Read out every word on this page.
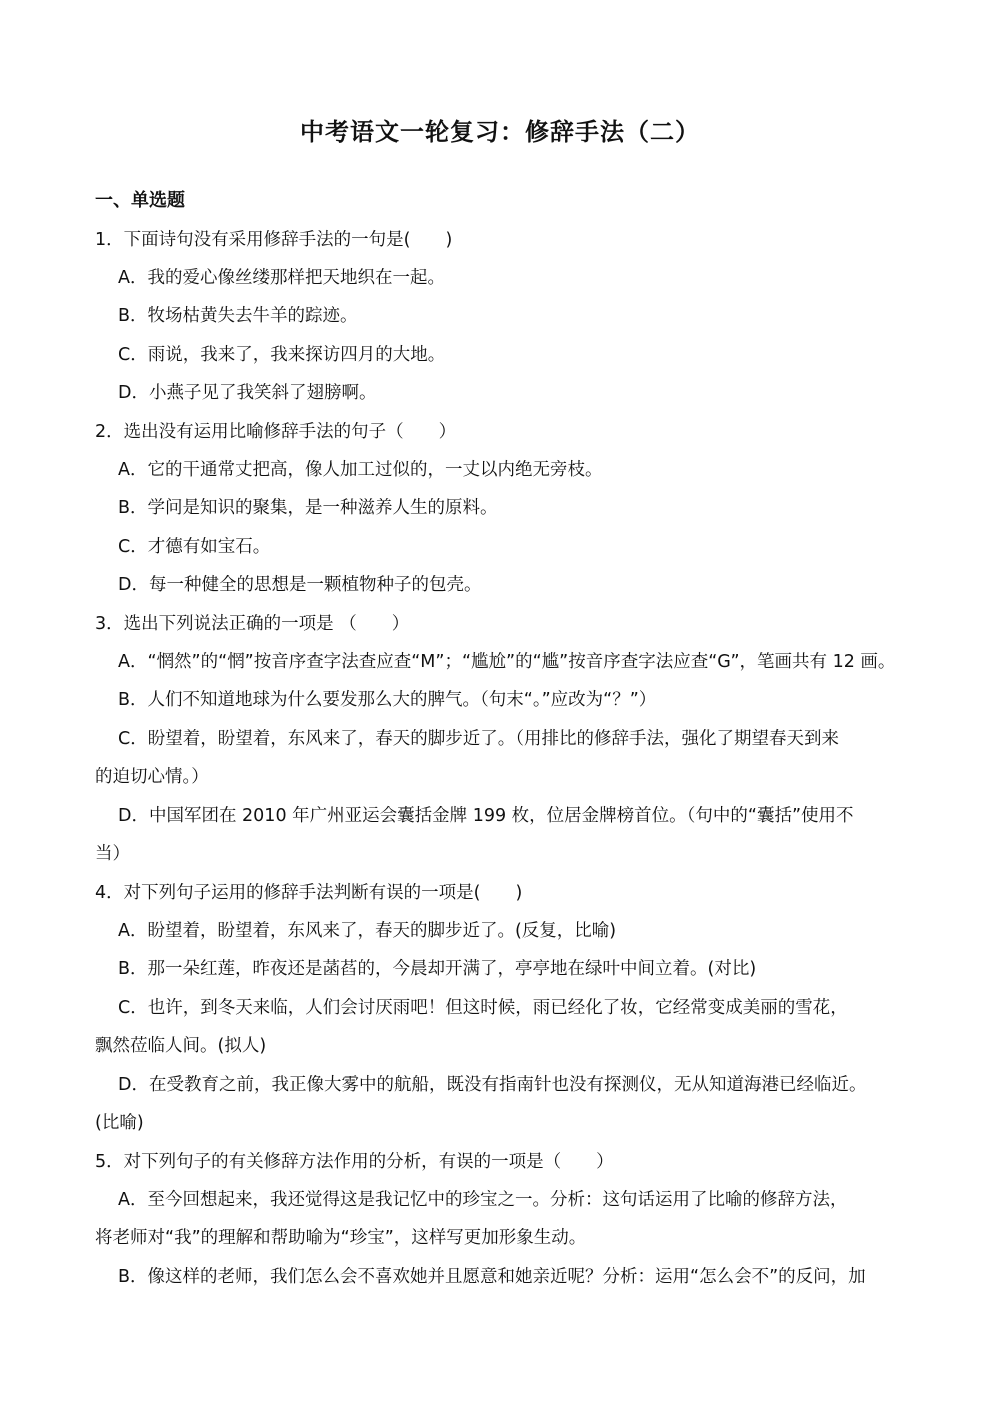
中考语文一轮复习：修辞手法（二）
一、单选题
1．下面诗句没有采用修辞手法的一句是(　　)
A．我的爱心像丝缕那样把天地织在一起。
B．牧场枯黄失去牛羊的踪迹。
C．雨说，我来了，我来探访四月的大地。
D．小燕子见了我笑斜了翅膀啊。
2．选出没有运用比喻修辞手法的句子（　　）
A．它的干通常丈把高，像人加工过似的，一丈以内绝无旁枝。
B．学问是知识的聚集，是一种滋养人生的原料。
C．才德有如宝石。
D．每一种健全的思想是一颗植物种子的包壳。
3．选出下列说法正确的一项是 （　　）
A．“惘然”的“惘”按音序查字法查应查“M”；“尴尬”的“尴”按音序查字法应查“G”，笔画共有 12 画。
B．人们不知道地球为什么要发那么大的脾气。（句末“。”应改为“？”）
C．盼望着，盼望着，东风来了，春天的脚步近了。（用排比的修辞手法，强化了期望春天到来
的迫切心情。）
D．中国军团在 2010 年广州亚运会囊括金牌 199 枚，位居金牌榜首位。（句中的“囊括”使用不
当）
4．对下列句子运用的修辞手法判断有误的一项是(　　)
A．盼望着，盼望着，东风来了，春天的脚步近了。(反复，比喻)
B．那一朵红莲，昨夜还是菡萏的，今晨却开满了，亭亭地在绿叶中间立着。(对比)
C．也许，到冬天来临，人们会讨厌雨吧！但这时候，雨已经化了妆，它经常变成美丽的雪花，
飘然莅临人间。(拟人)
D．在受教育之前，我正像大雾中的航船，既没有指南针也没有探测仪，无从知道海港已经临近。
(比喻)
5．对下列句子的有关修辞方法作用的分析，有误的一项是（　　）
A．至今回想起来，我还觉得这是我记忆中的珍宝之一。分析：这句话运用了比喻的修辞方法，
将老师对“我”的理解和帮助喻为“珍宝”，这样写更加形象生动。
B．像这样的老师，我们怎么会不喜欢她并且愿意和她亲近呢？分析：运用“怎么会不”的反问，加
